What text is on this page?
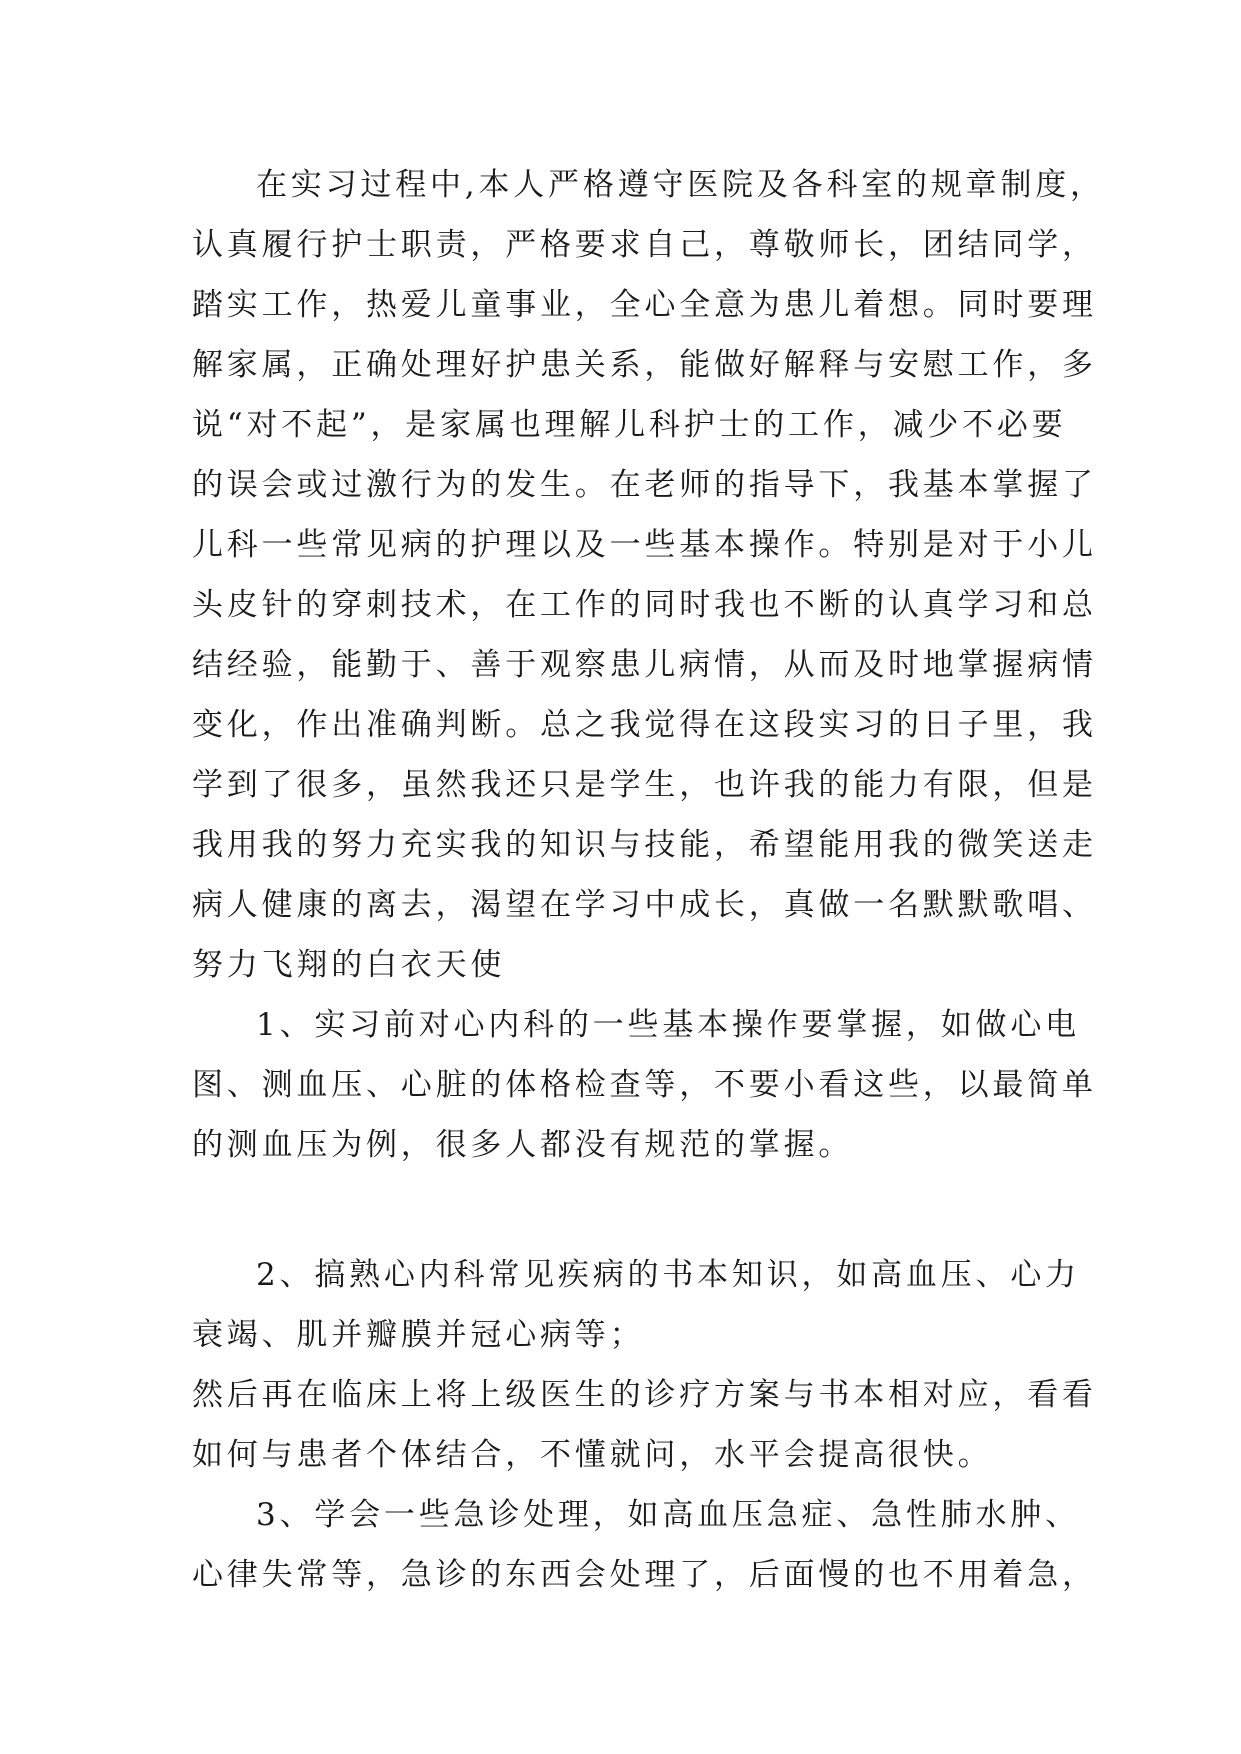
在实习过程中,本人严格遵守医院及各科室的规章制度，
认真履行护士职责，严格要求自己，尊敬师长，团结同学，
踏实工作，热爱儿童事业，全心全意为患儿着想。同时要理
解家属，正确处理好护患关系，能做好解释与安慰工作，多
说“对不起”，是家属也理解儿科护士的工作，减少不必要
的误会或过激行为的发生。在老师的指导下，我基本掌握了
儿科一些常见病的护理以及一些基本操作。特别是对于小儿
头皮针的穿刺技术，在工作的同时我也不断的认真学习和总
结经验，能勤于、善于观察患儿病情，从而及时地掌握病情
变化，作出准确判断。总之我觉得在这段实习的日子里，我
学到了很多，虽然我还只是学生，也许我的能力有限，但是
我用我的努力充实我的知识与技能，希望能用我的微笑送走
病人健康的离去，渴望在学习中成长，真做一名默默歌唱、
努力飞翔的白衣天使
1、实习前对心内科的一些基本操作要掌握，如做心电
图、测血压、心脏的体格检查等，不要小看这些，以最简单
的测血压为例，很多人都没有规范的掌握。
2、搞熟心内科常见疾病的书本知识，如高血压、心力
衰竭、肌并瓣膜并冠心病等；
然后再在临床上将上级医生的诊疗方案与书本相对应，看看
如何与患者个体结合，不懂就问，水平会提高很快。
3、学会一些急诊处理，如高血压急症、急性肺水肿、
心律失常等，急诊的东西会处理了，后面慢的也不用着急，
